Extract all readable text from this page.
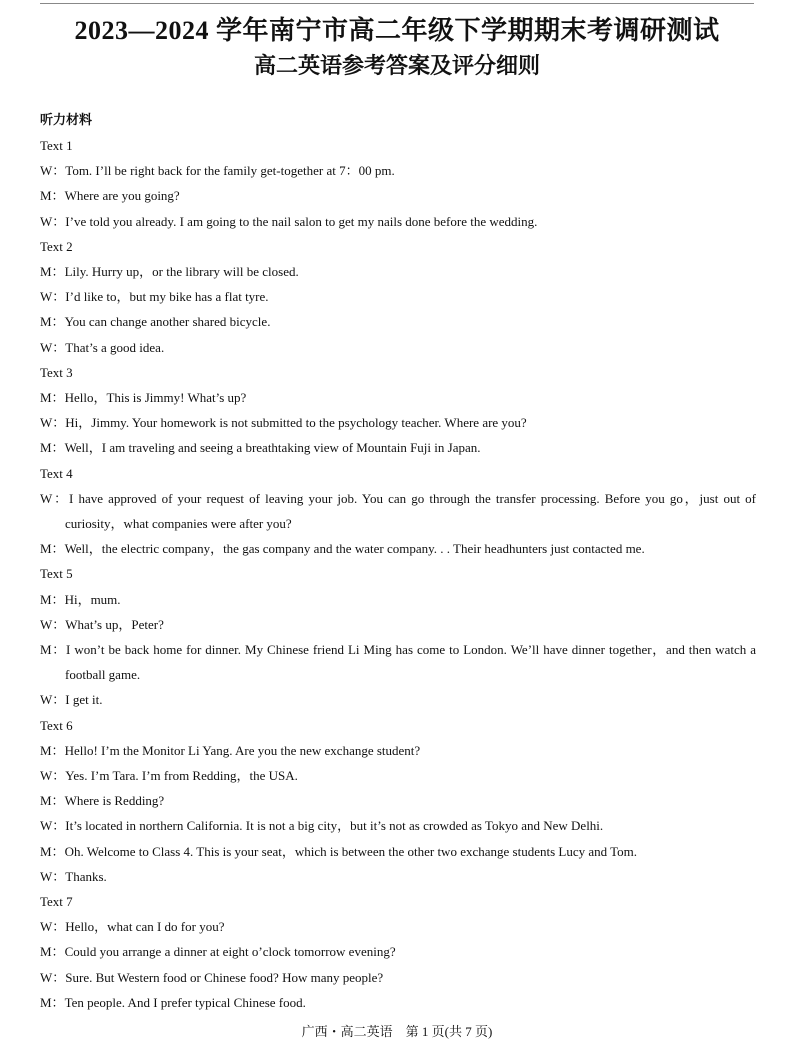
2023—2024 学年南宁市高二年级下学期期末考调研测试
高二英语参考答案及评分细则
听力材料
Text 1
W：Tom. I’ll be right back for the family get-together at 7：00 pm.
M：Where are you going?
W：I’ve told you already. I am going to the nail salon to get my nails done before the wedding.
Text 2
M：Lily. Hurry up，or the library will be closed.
W：I’d like to，but my bike has a flat tyre.
M：You can change another shared bicycle.
W：That’s a good idea.
Text 3
M：Hello，This is Jimmy! What’s up?
W：Hi，Jimmy. Your homework is not submitted to the psychology teacher. Where are you?
M：Well，I am traveling and seeing a breathtaking view of Mountain Fuji in Japan.
Text 4
W：I have approved of your request of leaving your job. You can go through the transfer processing. Before you go，just out of curiosity，what companies were after you?
M：Well，the electric company，the gas company and the water company. . . Their headhunters just contacted me.
Text 5
M：Hi，mum.
W：What’s up，Peter?
M：I won’t be back home for dinner. My Chinese friend Li Ming has come to London. We’ll have dinner together，and then watch a football game.
W：I get it.
Text 6
M：Hello! I’m the Monitor Li Yang. Are you the new exchange student?
W：Yes. I’m Tara. I’m from Redding，the USA.
M：Where is Redding?
W：It’s located in northern California. It is not a big city，but it’s not as crowded as Tokyo and New Delhi.
M：Oh. Welcome to Class 4. This is your seat，which is between the other two exchange students Lucy and Tom.
W：Thanks.
Text 7
W：Hello，what can I do for you?
M：Could you arrange a dinner at eight o’clock tomorrow evening?
W：Sure. But Western food or Chinese food? How many people?
M：Ten people. And I prefer typical Chinese food.
广西・高二英语　第 1 页(共 7 页)
